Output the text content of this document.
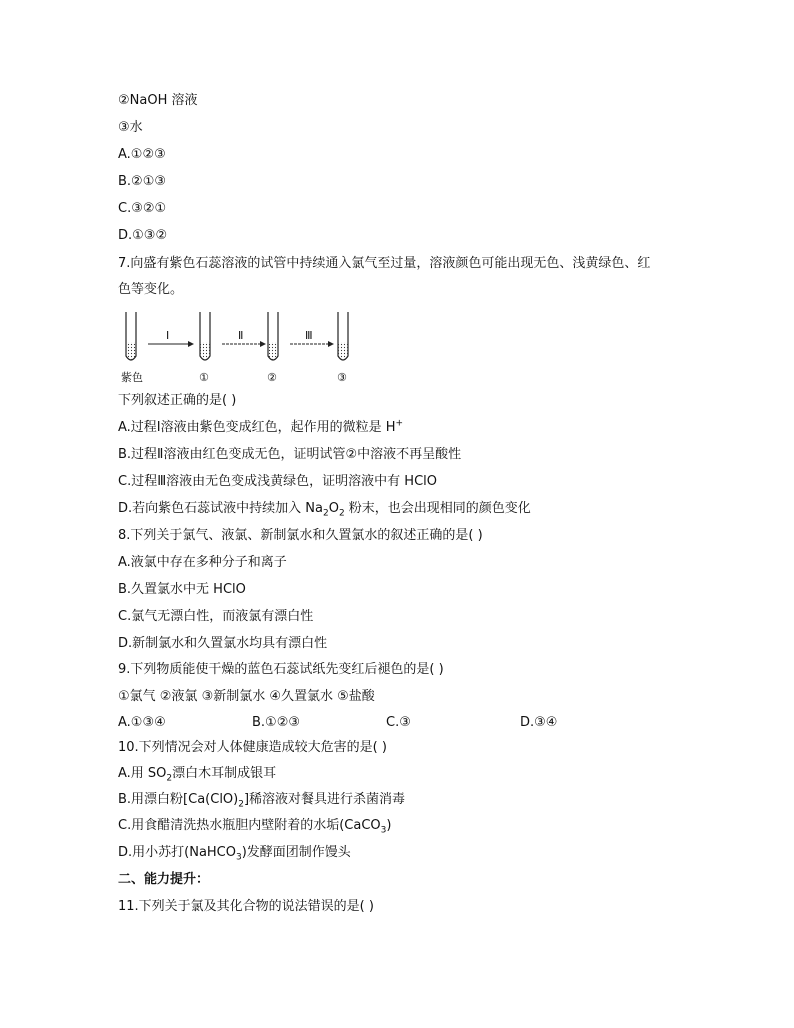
②NaOH 溶液
③水
A.①②③
B.②①③
C.③②①
D.①③②
7.向盛有紫色石蕊溶液的试管中持续通入氯气至过量，溶液颜色可能出现无色、浅黄绿色、红
色等变化。
Ⅰ	Ⅱ	Ⅲ
紫色	①	②	③
下列叙述正确的是( )
A.过程Ⅰ溶液由紫色变成红色，起作用的微粒是 H+
B.过程Ⅱ溶液由红色变成无色，证明试管②中溶液不再呈酸性
C.过程Ⅲ溶液由无色变成浅黄绿色，证明溶液中有 HClO
D.若向紫色石蕊试液中持续加入 $Na_2O_2$ 粉末，也会出现相同的颜色变化
8.下列关于氯气、液氯、新制氯水和久置氯水的叙述正确的是( )
A.液氯中存在多种分子和离子
B.久置氯水中无 HClO
C.氯气无漂白性，而液氯有漂白性
D.新制氯水和久置氯水均具有漂白性
9.下列物质能使干燥的蓝色石蕊试纸先变红后褪色的是( )
①氯气 ②液氯 ③新制氯水 ④久置氯水 ⑤盐酸
A.①③④	B.①②③	C.③	D.③④
10.下列情况会对人体健康造成较大危害的是( )
A.用 $SO_2$漂白木耳制成银耳
B.用漂白粉$[Ca(ClO)_2]$稀溶液对餐具进行杀菌消毒
C.用食醋清洗热水瓶胆内壁附着的水垢(CaCO$_3$)
D.用小苏打(NaHCO$_3$)发酵面团制作馒头
二、能力提升：
11.下列关于氯及其化合物的说法错误的是( )
